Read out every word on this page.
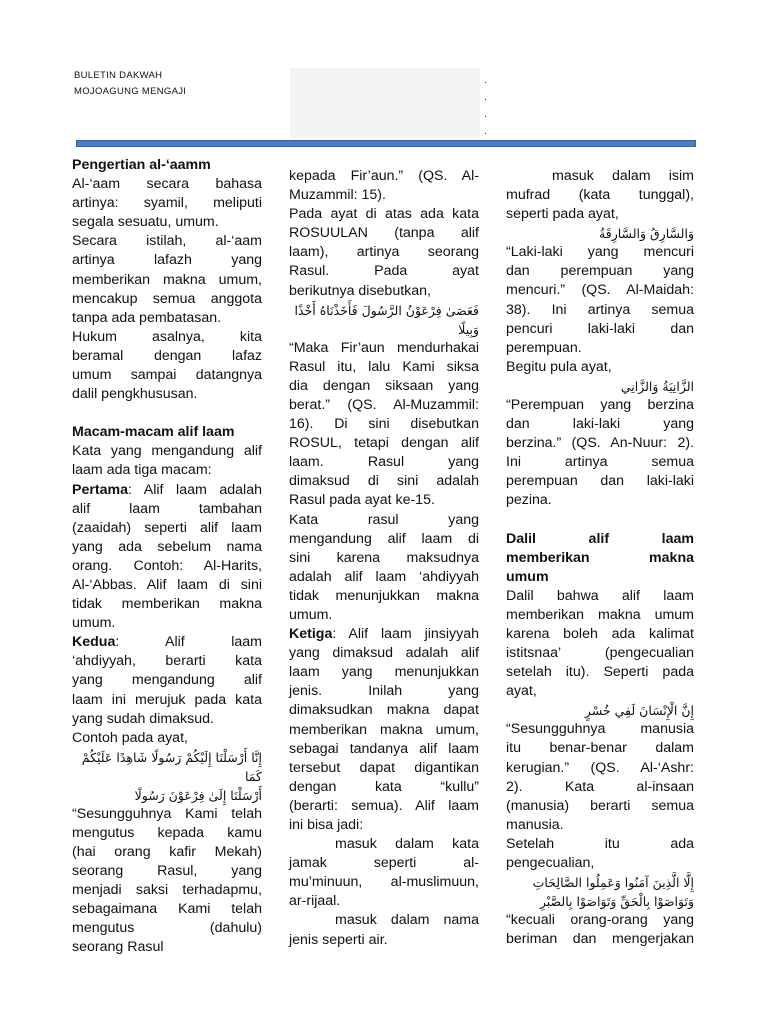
BULETIN DAKWAH
MOJOAGUNG MENGAJI
.
.
.
.

Pengertian al-‘aamm

Al-‘aam secara bahasa

artinya: syamil, meliputi

segala sesuatu, umum.

Secara istilah, al-‘aam

artinya lafazh yang

memberikan makna umum,

mencakup semua anggota

tanpa ada pembatasan.

Hukum asalnya, kita

beramal dengan lafaz

umum sampai datangnya

dalil pengkhususan.

Macam-macam alif laam

Kata yang mengandung alif

laam ada tiga macam:

Pertama: Alif laam adalah

alif laam tambahan

(zaaidah) seperti alif laam

yang ada sebelum nama

orang. Contoh: Al-Harits,

Al-‘Abbas. Alif laam di sini

tidak memberikan makna

umum.

Kedua: Alif laam

‘ahdiyyah, berarti kata

yang mengandung alif

laam ini merujuk pada kata

yang sudah dimaksud.

Contoh pada ayat,

إِنَّا أَرْسَلْنَا إِلَيْكُمْ رَسُولًا شَاهِدًا عَلَيْكُمْ كَمَا

أَرْسَلْنَا إِلَىٰ فِرْعَوْنَ رَسُولًا

“Sesungguhnya Kami telah

mengutus kepada kamu

(hai orang kafir Mekah)

seorang Rasul, yang

menjadi saksi terhadapmu,

sebagaimana Kami telah

mengutus (dahulu)

seorang Rasul

kepada Fir’aun.” (QS. Al-

Muzammil: 15).

Pada ayat di atas ada kata

ROSUULAN (tanpa alif

laam), artinya seorang

Rasul. Pada ayat

berikutnya disebutkan,

فَعَصَىٰ فِرْعَوْنُ الرَّسُولَ فَأَخَذْنَاهُ أَخْذًا

وَبِيلًا

“Maka Fir’aun mendurhakai

Rasul itu, lalu Kami siksa

dia dengan siksaan yang

berat.” (QS. Al-Muzammil:

16). Di sini disebutkan

ROSUL, tetapi dengan alif

laam. Rasul yang

dimaksud di sini adalah

Rasul pada ayat ke-15.

Kata rasul yang

mengandung alif laam di

sini karena maksudnya

adalah alif laam ‘ahdiyyah

tidak menunjukkan makna

umum.

Ketiga: Alif laam jinsiyyah

yang dimaksud adalah alif

laam yang menunjukkan

jenis. Inilah yang

dimaksudkan makna dapat

memberikan makna umum,

sebagai tandanya alif laam

tersebut dapat digantikan

dengan kata “kullu”

(berarti: semua). Alif laam

ini bisa jadi:

masuk dalam kata

jamak seperti al-

mu’minuun, al-muslimuun,

ar-rijaal.

masuk dalam nama

jenis seperti air.

masuk dalam isim

mufrad (kata tunggal),

seperti pada ayat,

وَالسَّارِقُ وَالسَّارِقَةُ

“Laki-laki yang mencuri

dan perempuan yang

mencuri.” (QS. Al-Maidah:

38). Ini artinya semua

pencuri laki-laki dan

perempuan.

Begitu pula ayat,

الزَّانِيَةُ وَالزَّانِي

“Perempuan yang berzina

dan laki-laki yang

berzina.” (QS. An-Nuur: 2).

Ini artinya semua

perempuan dan laki-laki

pezina.

Dalil alif laam

memberikan makna

umum

Dalil bahwa alif laam

memberikan makna umum

karena boleh ada kalimat

istitsnaa’ (pengecualian

setelah itu). Seperti pada

ayat,

إِنَّ الْإِنْسَانَ لَفِي خُسْرٍ

“Sesungguhnya manusia

itu benar-benar dalam

kerugian.” (QS. Al-‘Ashr:

2). Kata al-insaan

(manusia) berarti semua

manusia.

Setelah itu ada

pengecualian,

إِلَّا الَّذِينَ آمَنُوا وَعَمِلُوا الصَّالِحَاتِ

وَتَوَاصَوْا بِالْحَقِّ وَتَوَاصَوْا بِالصَّبْرِ

“kecuali orang-orang yang

beriman dan mengerjakan
